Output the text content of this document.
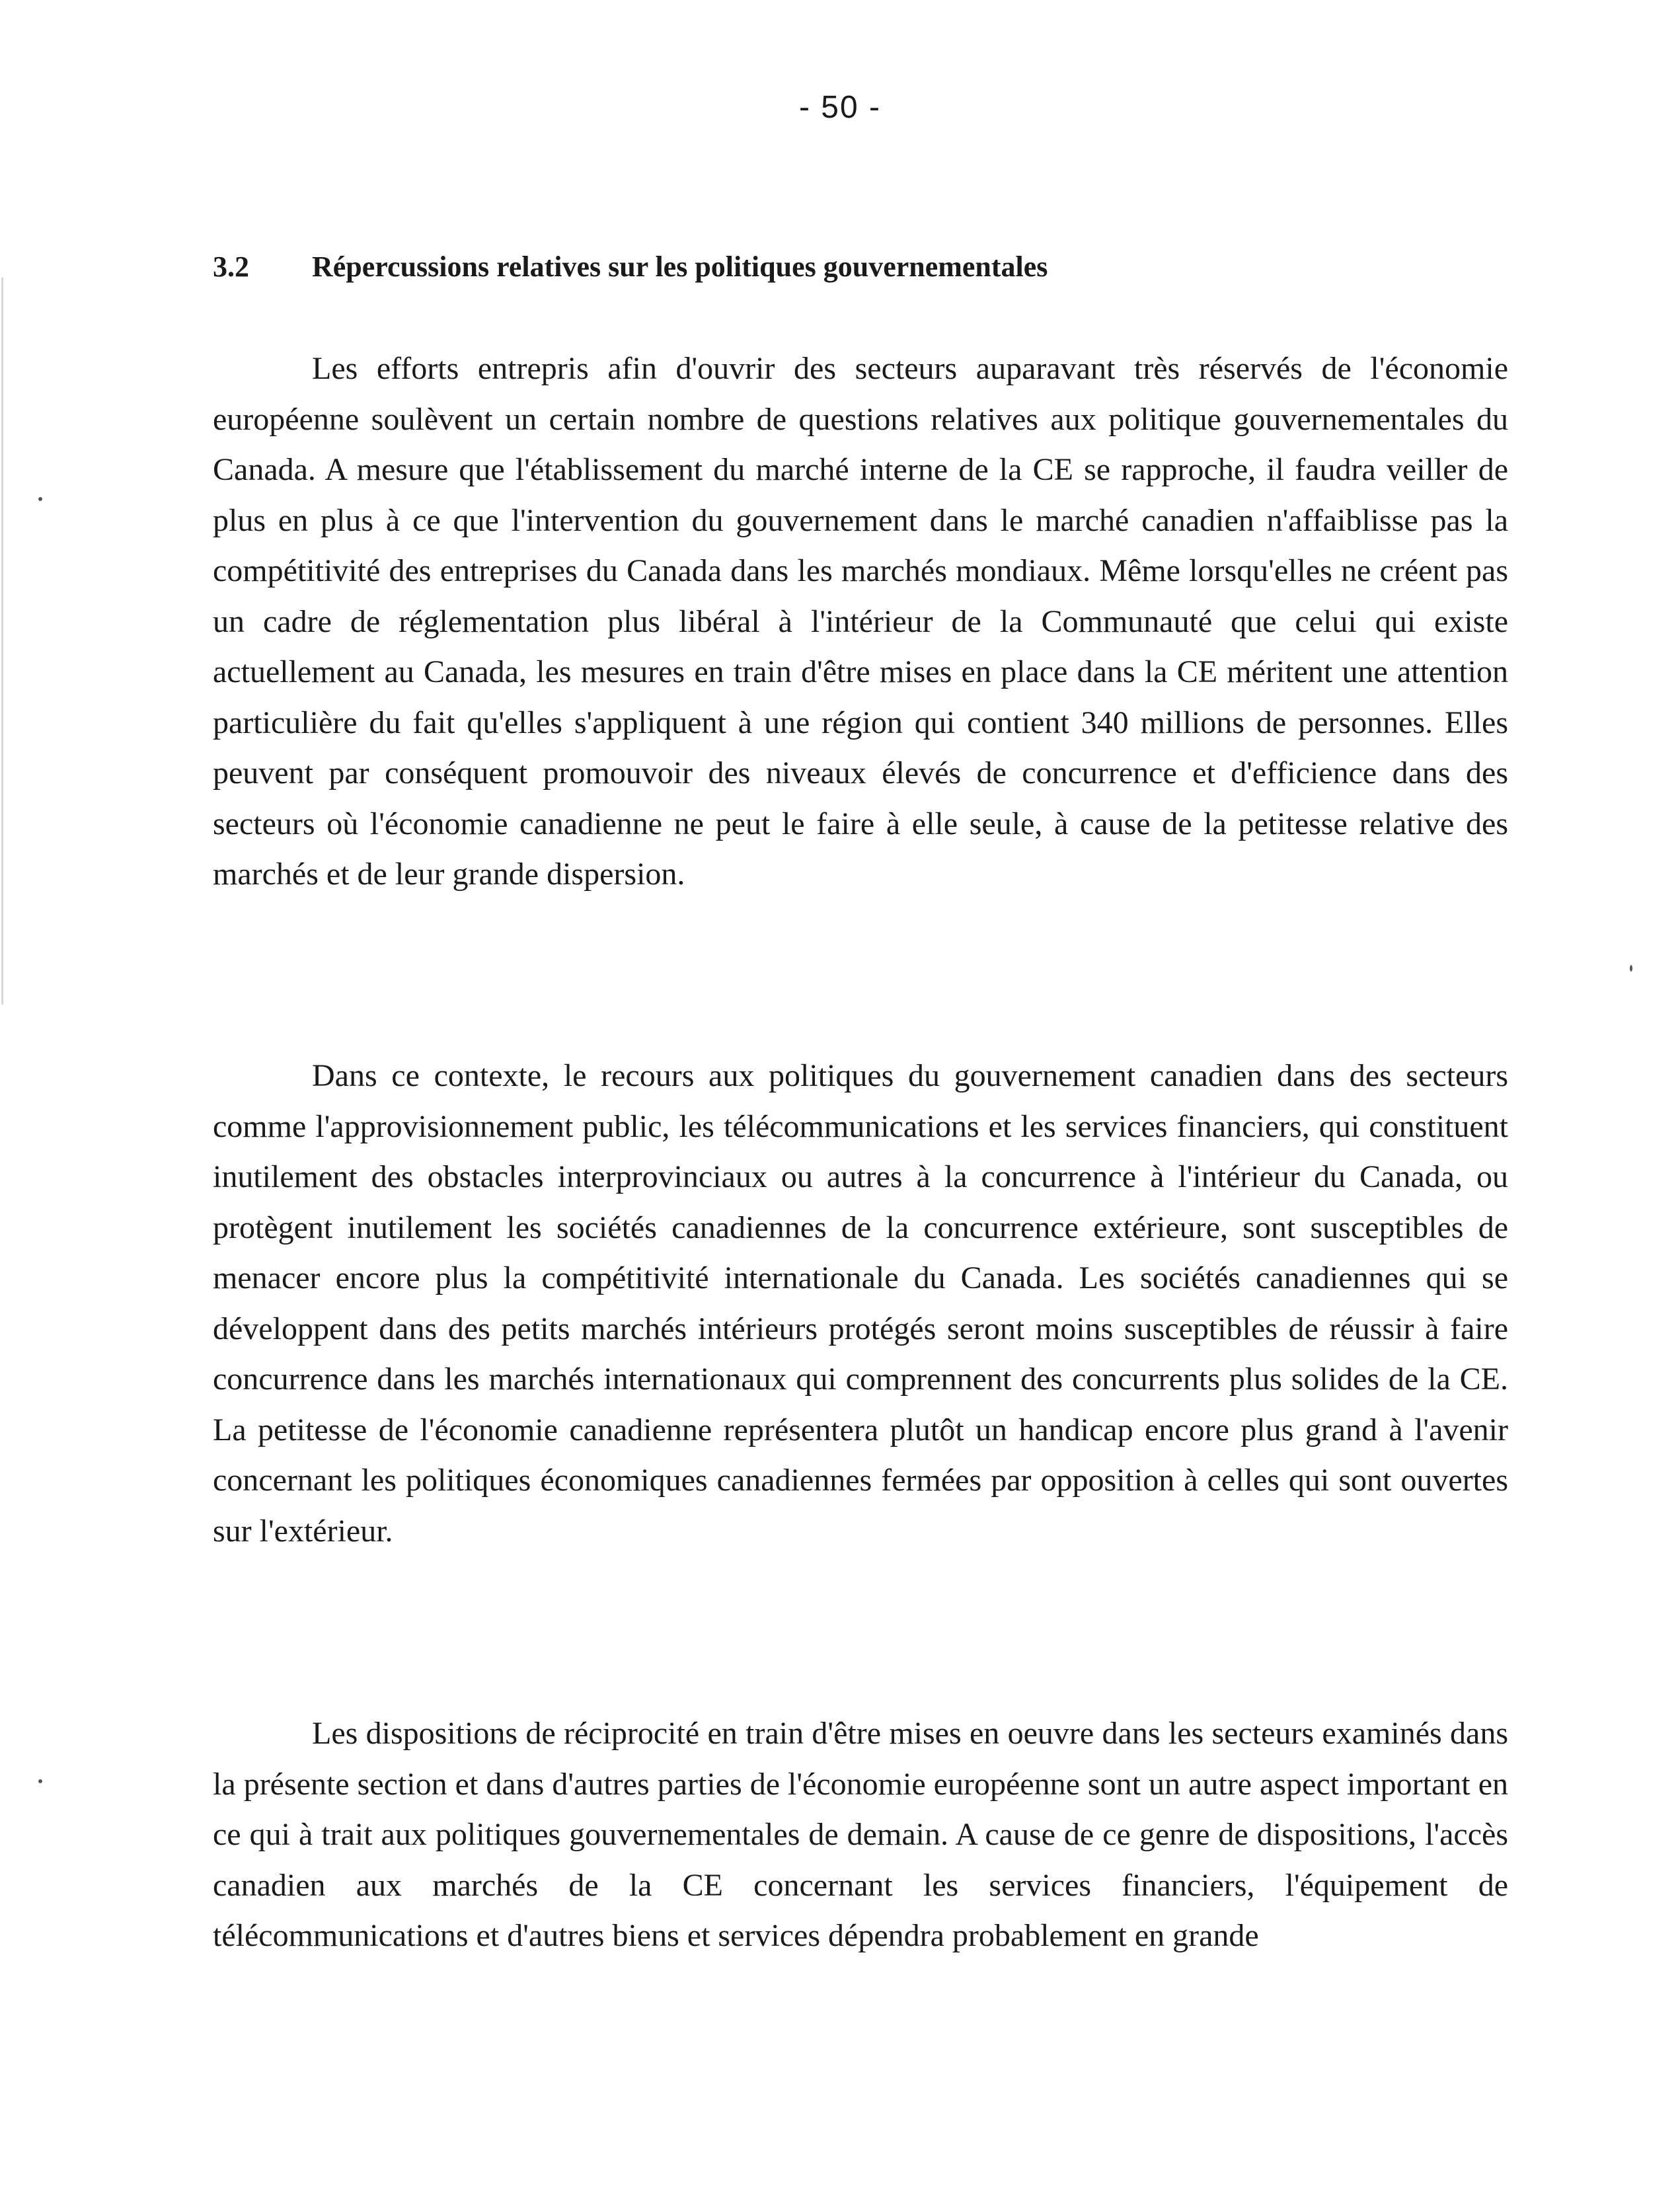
- 50 -
3.2 Répercussions relatives sur les politiques gouvernementales

Les efforts entrepris afin d'ouvrir des secteurs auparavant très réservés de l'économie européenne soulèvent un certain nombre de questions relatives aux politique gouvernementales du Canada. A mesure que l'établissement du marché interne de la CE se rapproche, il faudra veiller de plus en plus à ce que l'intervention du gouvernement dans le marché canadien n'affaiblisse pas la compétitivité des entreprises du Canada dans les marchés mondiaux. Même lorsqu'elles ne créent pas un cadre de réglementation plus libéral à l'intérieur de la Communauté que celui qui existe actuellement au Canada, les mesures en train d'être mises en place dans la CE méritent une attention particulière du fait qu'elles s'appliquent à une région qui contient 340 millions de personnes. Elles peuvent par conséquent promouvoir des niveaux élevés de concurrence et d'efficience dans des secteurs où l'économie canadienne ne peut le faire à elle seule, à cause de la petitesse relative des marchés et de leur grande dispersion.

Dans ce contexte, le recours aux politiques du gouvernement canadien dans des secteurs comme l'approvisionnement public, les télécommunications et les services financiers, qui constituent inutilement des obstacles interprovinciaux ou autres à la concurrence à l'intérieur du Canada, ou protègent inutilement les sociétés canadiennes de la concurrence extérieure, sont susceptibles de menacer encore plus la compétitivité internationale du Canada. Les sociétés canadiennes qui se développent dans des petits marchés intérieurs protégés seront moins susceptibles de réussir à faire concurrence dans les marchés internationaux qui comprennent des concurrents plus solides de la CE. La petitesse de l'économie canadienne représentera plutôt un handicap encore plus grand à l'avenir concernant les politiques économiques canadiennes fermées par opposition à celles qui sont ouvertes sur l'extérieur.

Les dispositions de réciprocité en train d'être mises en oeuvre dans les secteurs examinés dans la présente section et dans d'autres parties de l'économie européenne sont un autre aspect important en ce qui à trait aux politiques gouvernementales de demain. A cause de ce genre de dispositions, l'accès canadien aux marchés de la CE concernant les services financiers, l'équipement de télécommunications et d'autres biens et services dépendra probablement en grande
